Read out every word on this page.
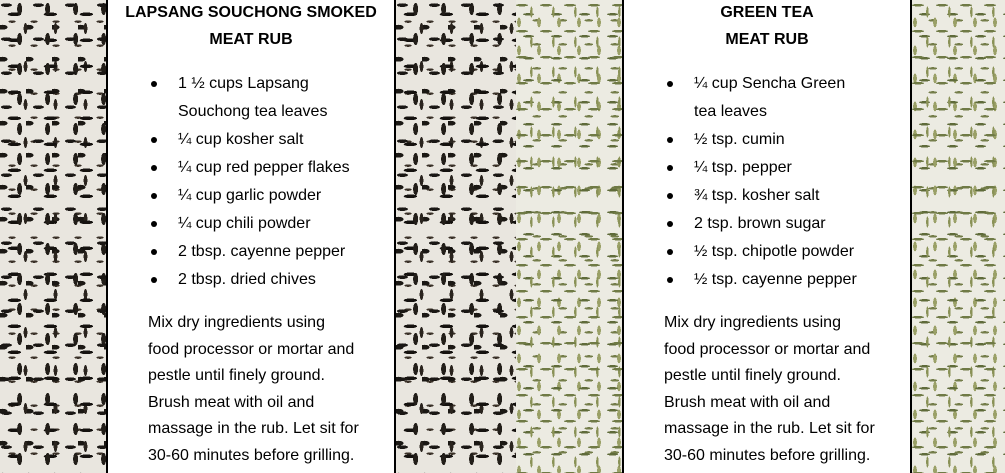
LAPSANG SOUCHONG SMOKED
MEAT RUB
1 ½ cups Lapsang
Souchong tea leaves
¼ cup kosher salt
¼ cup red pepper flakes
¼ cup garlic powder
¼ cup chili powder
2 tbsp. cayenne pepper
2 tbsp. dried chives
Mix dry ingredients using
food processor or mortar and
pestle until finely ground.
Brush meat with oil and
massage in the rub. Let sit for
30-60 minutes before grilling.
GREEN TEA
MEAT RUB
¼ cup Sencha Green
tea leaves
½ tsp. cumin
¼ tsp. pepper
¾ tsp. kosher salt
2 tsp. brown sugar
½ tsp. chipotle powder
½ tsp. cayenne pepper
Mix dry ingredients using
food processor or mortar and
pestle until finely ground.
Brush meat with oil and
massage in the rub. Let sit for
30-60 minutes before grilling.
